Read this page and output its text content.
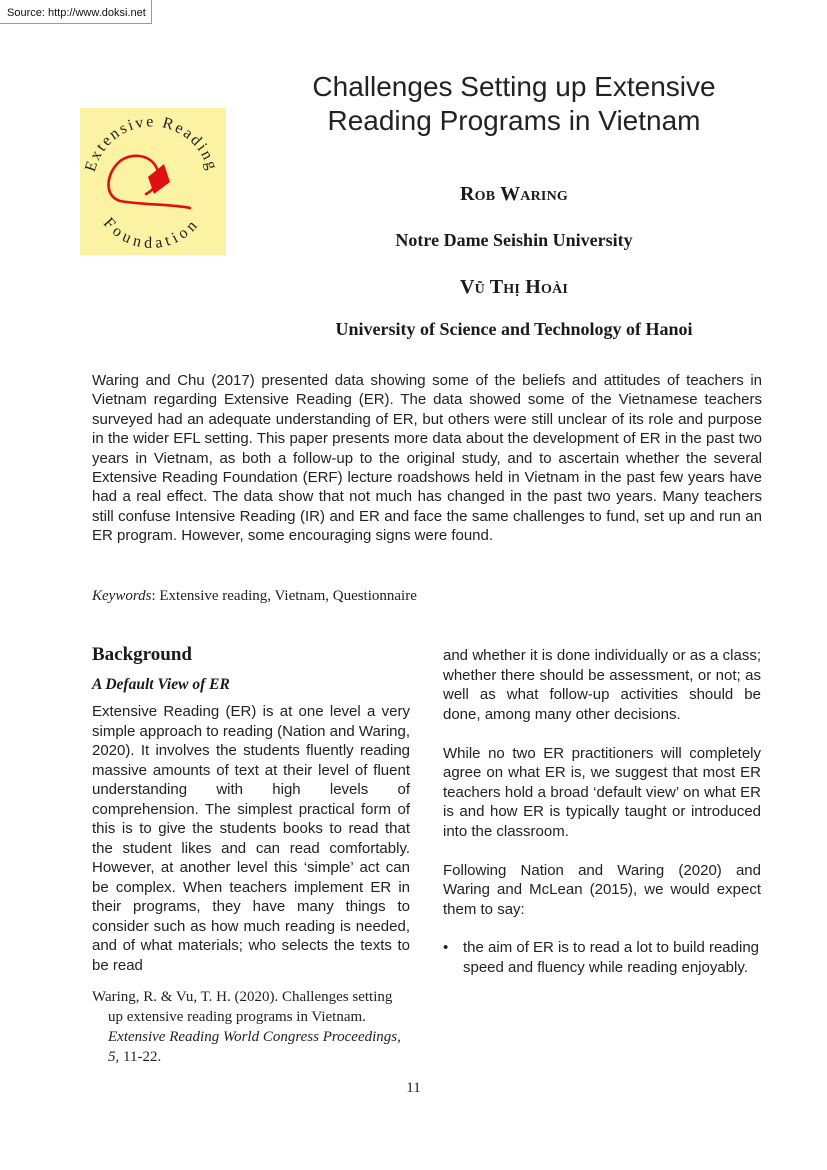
Source: http://www.doksi.net
Extensive Reading
Foundation
Challenges Setting up Extensive Reading Programs in Vietnam
Rob Waring
Notre Dame Seishin University
Vũ Thị Hoài
University of Science and Technology of Hanoi

Waring and Chu (2017) presented data showing some of the beliefs and attitudes of teachers in Vietnam regarding Extensive Reading (ER). The data showed some of the Vietnamese teachers surveyed had an adequate understanding of ER, but others were still unclear of its role and purpose in the wider EFL setting. This paper presents more data about the development of ER in the past two years in Vietnam, as both a follow-up to the original study, and to ascertain whether the several Extensive Reading Foundation (ERF) lecture roadshows held in Vietnam in the past few years have had a real effect. The data show that not much has changed in the past two years. Many teachers still confuse Intensive Reading (IR) and ER and face the same challenges to fund, set up and run an ER program. However, some encouraging signs were found.

Keywords: Extensive reading, Vietnam, Questionnaire
Background
A Default View of ER

Extensive Reading (ER) is at one level a very simple approach to reading (Nation and Waring, 2020). It involves the students fluently reading massive amounts of text at their level of fluent understanding with high levels of comprehension. The simplest practical form of this is to give the students books to read that the student likes and can read comfortably. However, at another level this ‘simple’ act can be complex. When teachers implement ER in their programs, they have many things to consider such as how much reading is needed, and of what materials; who selects the texts to be read

Waring, R. & Vu, T. H. (2020). Challenges setting up extensive reading programs in Vietnam. Extensive Reading World Congress Proceedings, 5, 11-22.

and whether it is done individually or as a class; whether there should be assessment, or not; as well as what follow-up activities should be done, among many other decisions.

While no two ER practitioners will completely agree on what ER is, we suggest that most ER teachers hold a broad ‘default view’ on what ER is and how ER is typically taught or introduced into the classroom.

Following Nation and Waring (2020) and Waring and McLean (2015), we would expect them to say:

• the aim of ER is to read a lot to build reading speed and fluency while reading enjoyably.
11
